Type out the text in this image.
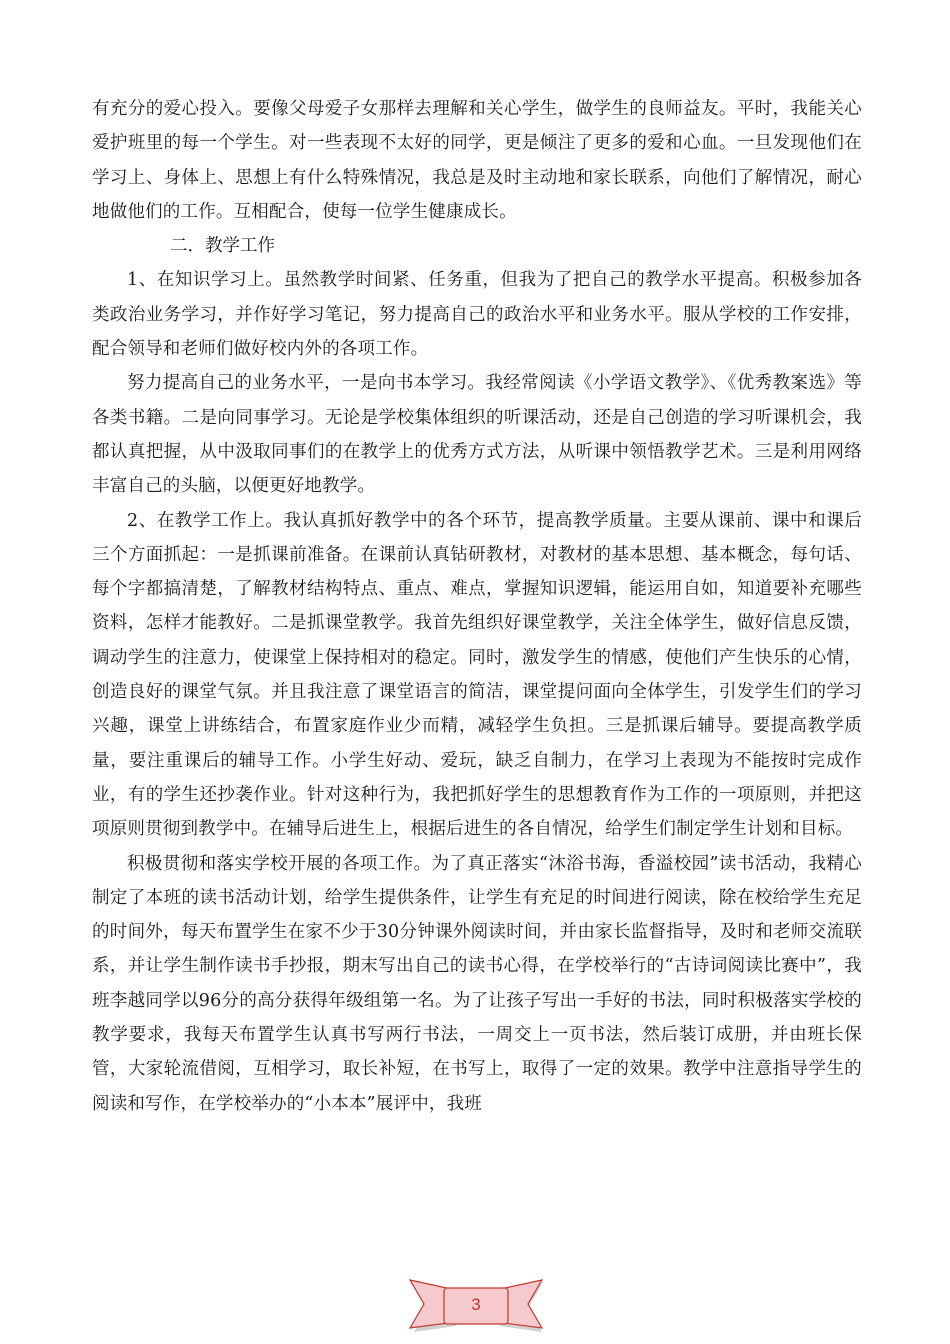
有充分的爱心投入。要像父母爱子女那样去理解和关心学生，做学生的良师益友。平时，我能关心爱护班里的每一个学生。对一些表现不太好的同学，更是倾注了更多的爱和心血。一旦发现他们在学习上、身体上、思想上有什么特殊情况，我总是及时主动地和家长联系，向他们了解情况，耐心地做他们的工作。互相配合，使每一位学生健康成长。

二．教学工作

1、在知识学习上。虽然教学时间紧、任务重，但我为了把自己的教学水平提高。积极参加各类政治业务学习，并作好学习笔记，努力提高自己的政治水平和业务水平。服从学校的工作安排，配合领导和老师们做好校内外的各项工作。

努力提高自己的业务水平，一是向书本学习。我经常阅读《小学语文教学》、《优秀教案选》等各类书籍。二是向同事学习。无论是学校集体组织的听课活动，还是自己创造的学习听课机会，我都认真把握，从中汲取同事们的在教学上的优秀方式方法，从听课中领悟教学艺术。三是利用网络丰富自己的头脑，以便更好地教学。

2、在教学工作上。我认真抓好教学中的各个环节，提高教学质量。主要从课前、课中和课后三个方面抓起：一是抓课前准备。在课前认真钻研教材，对教材的基本思想、基本概念，每句话、每个字都搞清楚，了解教材结构特点、重点、难点，掌握知识逻辑，能运用自如，知道要补充哪些资料，怎样才能教好。二是抓课堂教学。我首先组织好课堂教学，关注全体学生，做好信息反馈，调动学生的注意力，使课堂上保持相对的稳定。同时，激发学生的情感，使他们产生快乐的心情，创造良好的课堂气氛。并且我注意了课堂语言的简洁，课堂提问面向全体学生，引发学生们的学习兴趣，课堂上讲练结合，布置家庭作业少而精，减轻学生负担。三是抓课后辅导。要提高教学质量，要注重课后的辅导工作。小学生好动、爱玩，缺乏自制力，在学习上表现为不能按时完成作业，有的学生还抄袭作业。针对这种行为，我把抓好学生的思想教育作为工作的一项原则，并把这项原则贯彻到教学中。在辅导后进生上，根据后进生的各自情况，给学生们制定学生计划和目标。

积极贯彻和落实学校开展的各项工作。为了真正落实“沐浴书海，香溢校园”读书活动，我精心制定了本班的读书活动计划，给学生提供条件，让学生有充足的时间进行阅读，除在校给学生充足的时间外，每天布置学生在家不少于30分钟课外阅读时间，并由家长监督指导，及时和老师交流联系，并让学生制作读书手抄报，期末写出自己的读书心得，在学校举行的“古诗词阅读比赛中”，我班李越同学以96分的高分获得年级组第一名。为了让孩子写出一手好的书法，同时积极落实学校的教学要求，我每天布置学生认真书写两行书法，一周交上一页书法，然后装订成册，并由班长保管，大家轮流借阅，互相学习，取长补短，在书写上，取得了一定的效果。教学中注意指导学生的阅读和写作，在学校举办的“小本本”展评中，我班

3
